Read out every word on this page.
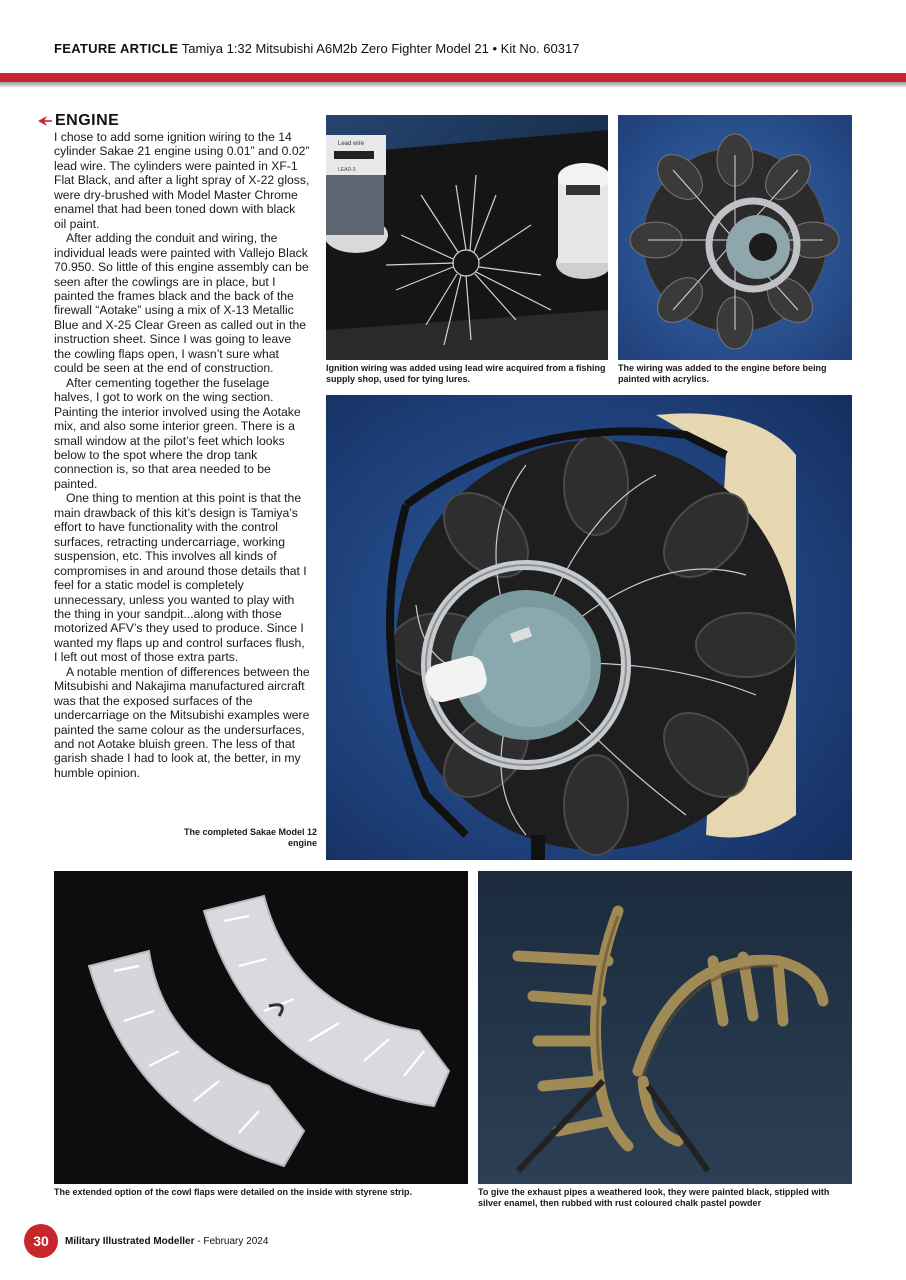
FEATURE ARTICLE Tamiya 1:32 Mitsubishi A6M2b Zero Fighter Model 21 • Kit No. 60317
ENGINE

I chose to add some ignition wiring to the 14 cylinder Sakae 21 engine using 0.01” and 0.02” lead wire. The cylinders were painted in XF-1 Flat Black, and after a light spray of X-22 gloss, were dry-brushed with Model Master Chrome enamel that had been toned down with black oil paint.

After adding the conduit and wiring, the individual leads were painted with Vallejo Black 70.950. So little of this engine assembly can be seen after the cowlings are in place, but I painted the frames black and the back of the firewall “Aotake” using a mix of X-13 Metallic Blue and X-25 Clear Green as called out in the instruction sheet. Since I was going to leave the cowling flaps open, I wasn’t sure what could be seen at the end of construction.

After cementing together the fuselage halves, I got to work on the wing section. Painting the interior involved using the Aotake mix, and also some interior green. There is a small window at the pilot’s feet which looks below to the spot where the drop tank connection is, so that area needed to be painted.

One thing to mention at this point is that the main drawback of this kit’s design is Tamiya’s effort to have functionality with the control surfaces, retracting undercarriage, working suspension, etc. This involves all kinds of compromises in and around those details that I feel for a static model is completely unnecessary, unless you wanted to play with the thing in your sandpit...along with those motorized AFV’s they used to produce. Since I wanted my flaps up and control surfaces flush, I left out most of those extra parts.

A notable mention of differences between the Mitsubishi and Nakajima manufactured aircraft was that the exposed surfaces of the undercarriage on the Mitsubishi examples were painted the same colour as the undersurfaces, and not Aotake bluish green. The less of that garish shade I had to look at, the better, in my humble opinion.

Lead wire
LEAD-3
Ignition wiring was added using lead wire acquired from a fishing supply shop, used for tying lures.
The wiring was added to the engine before being painted with acrylics.
The completed Sakae Model 12 engine
The extended option of the cowl flaps were detailed on the inside with styrene strip.	To give the exhaust pipes a weathered look, they were painted black, stippled with silver enamel, then rubbed with rust coloured chalk pastel powder
30	Military Illustrated Modeller - February 2024
